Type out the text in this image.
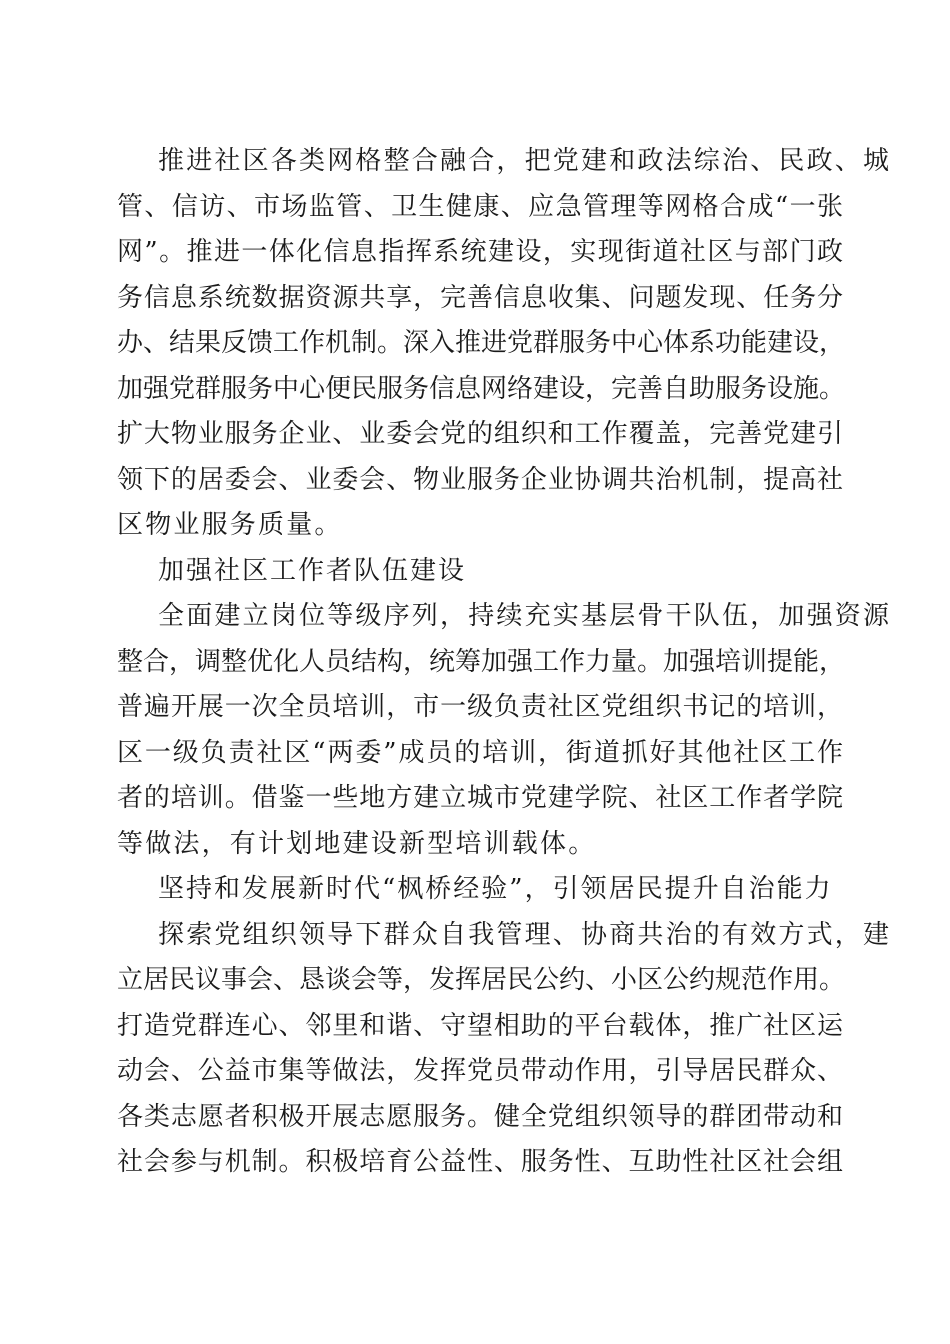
推进社区各类网格整合融合，把党建和政法综治、民政、城
管、信访、市场监管、卫生健康、应急管理等网格合成“一张
网”。推进一体化信息指挥系统建设，实现街道社区与部门政
务信息系统数据资源共享，完善信息收集、问题发现、任务分
办、结果反馈工作机制。深入推进党群服务中心体系功能建设，
加强党群服务中心便民服务信息网络建设，完善自助服务设施。
扩大物业服务企业、业委会党的组织和工作覆盖，完善党建引
领下的居委会、业委会、物业服务企业协调共治机制，提高社
区物业服务质量。
加强社区工作者队伍建设
全面建立岗位等级序列，持续充实基层骨干队伍，加强资源
整合，调整优化人员结构，统筹加强工作力量。加强培训提能，
普遍开展一次全员培训，市一级负责社区党组织书记的培训，
区一级负责社区“两委”成员的培训，街道抓好其他社区工作
者的培训。借鉴一些地方建立城市党建学院、社区工作者学院
等做法，有计划地建设新型培训载体。
坚持和发展新时代“枫桥经验”，引领居民提升自治能力
探索党组织领导下群众自我管理、协商共治的有效方式，建
立居民议事会、恳谈会等，发挥居民公约、小区公约规范作用。
打造党群连心、邻里和谐、守望相助的平台载体，推广社区运
动会、公益市集等做法，发挥党员带动作用，引导居民群众、
各类志愿者积极开展志愿服务。健全党组织领导的群团带动和
社会参与机制。积极培育公益性、服务性、互助性社区社会组
